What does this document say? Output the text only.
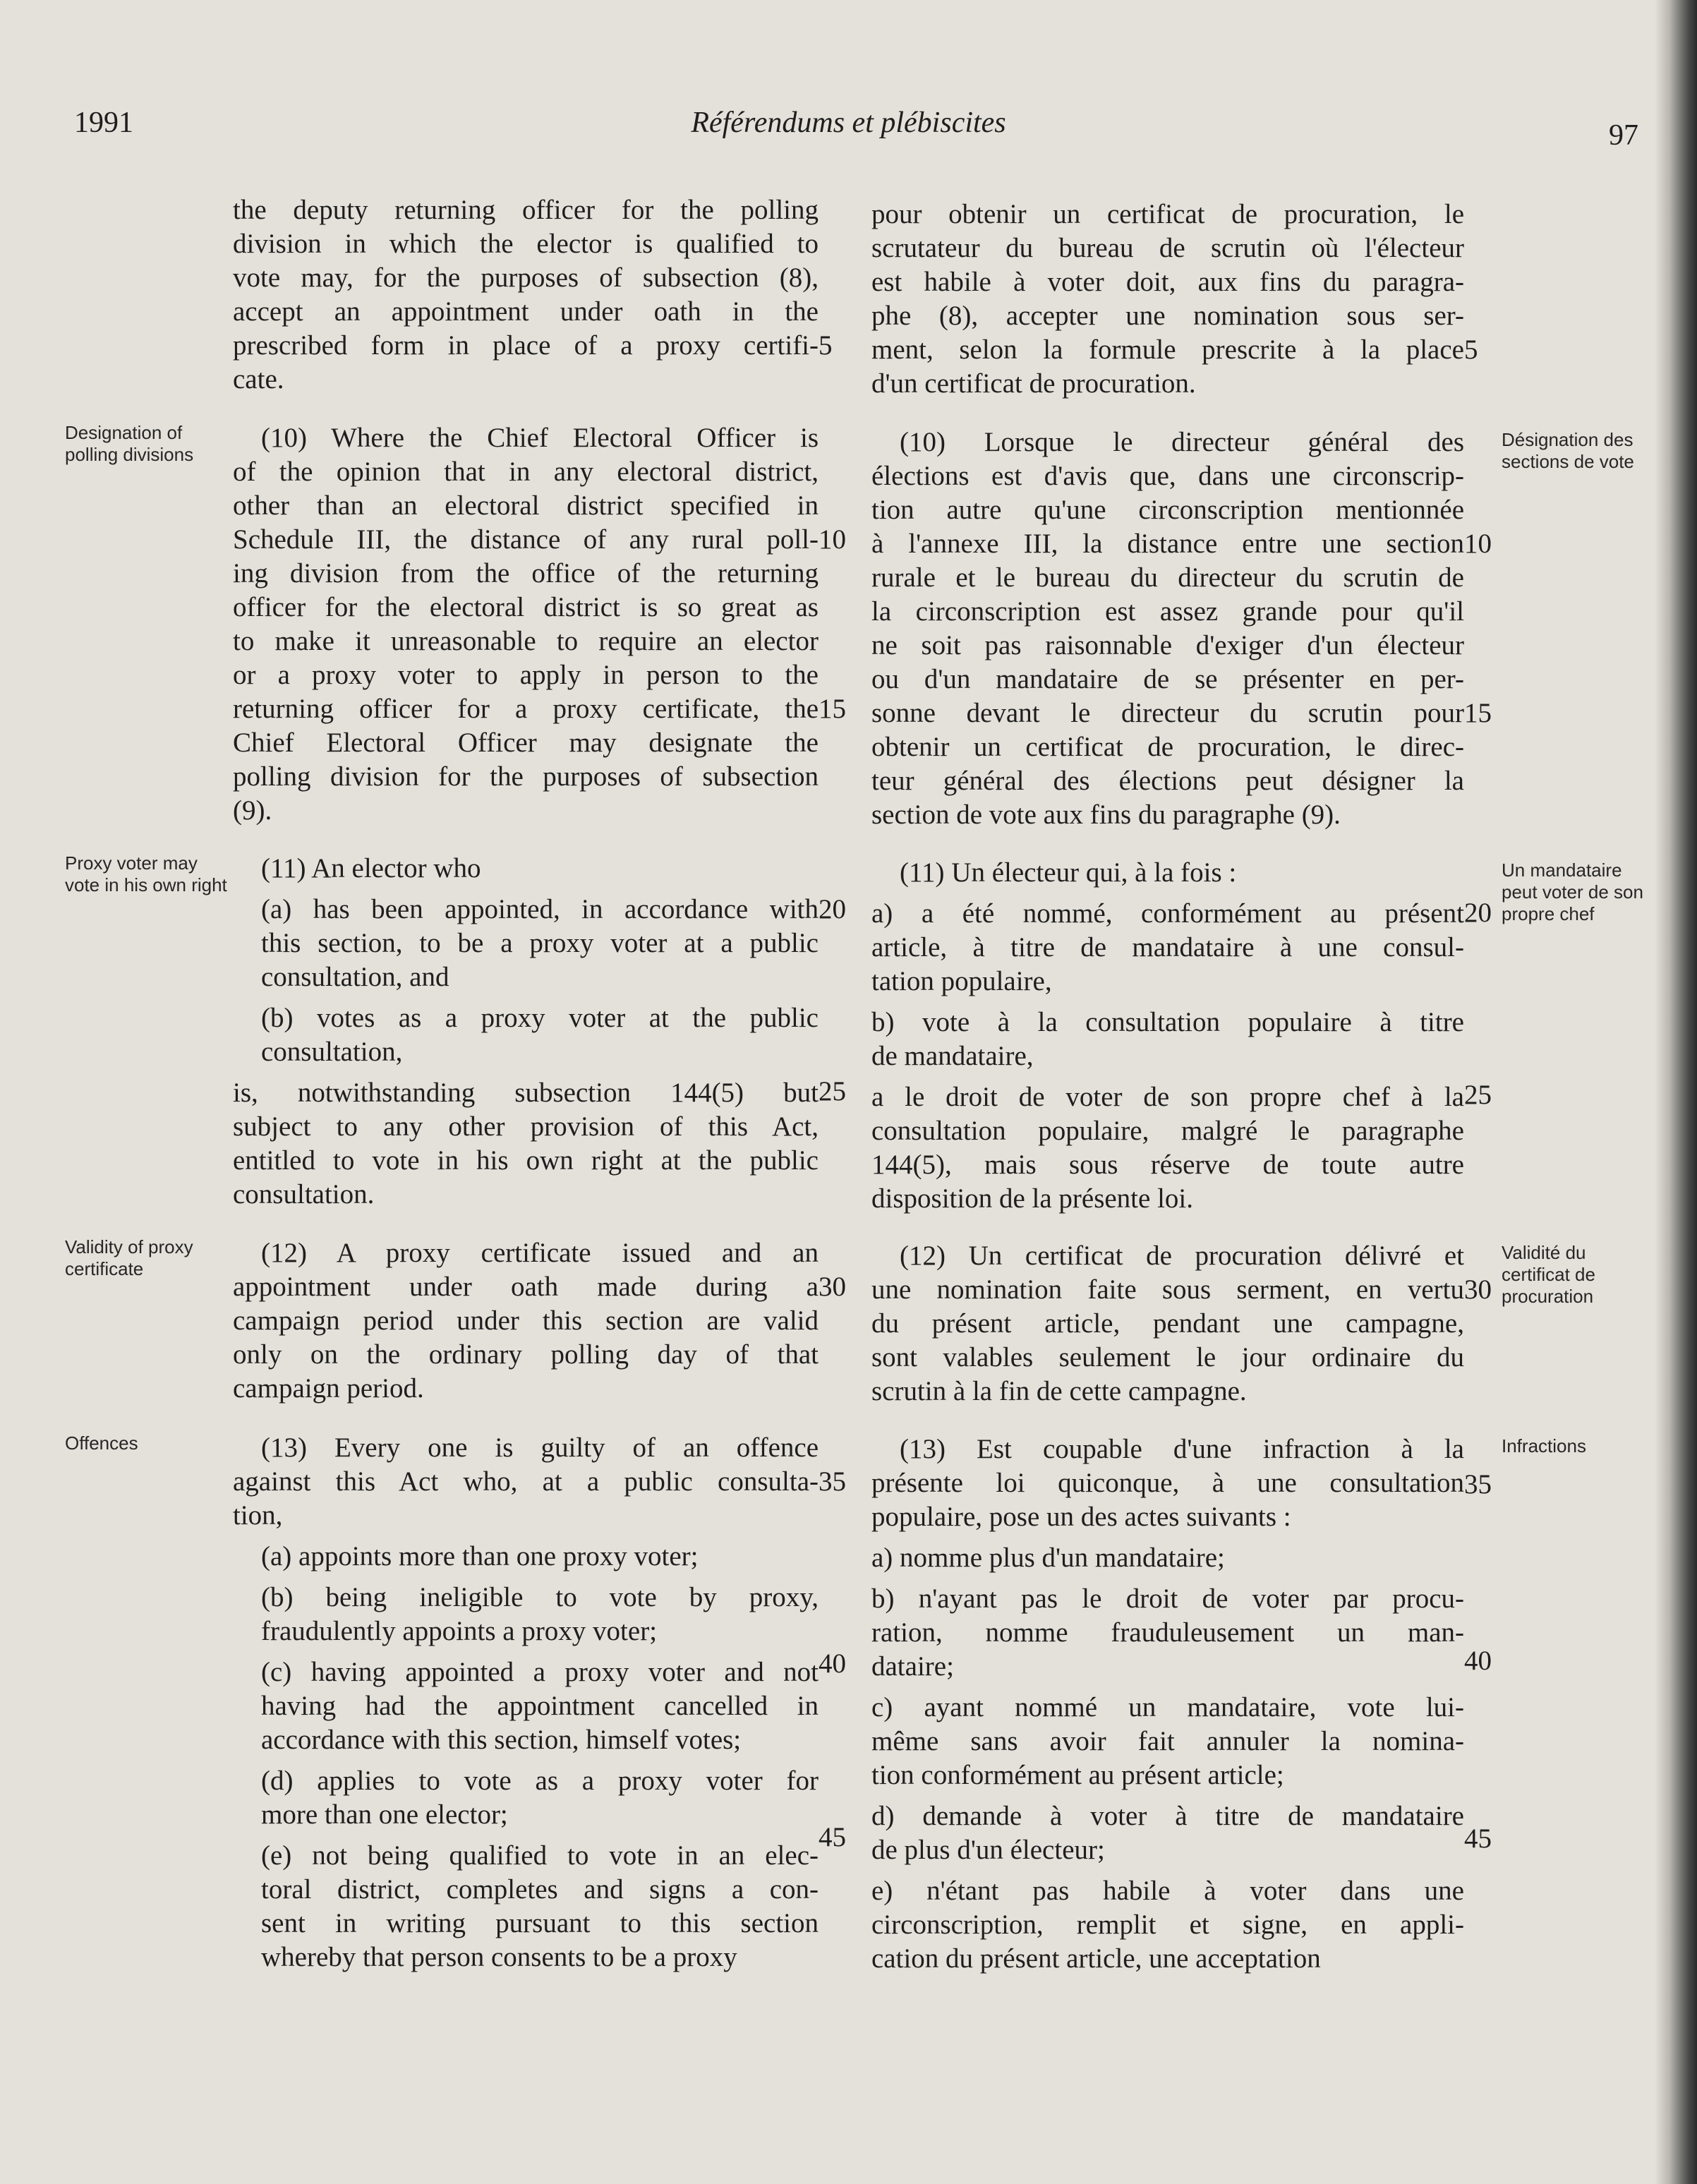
1991	Référendums et plébiscites	97
Designation of polling divisions
Proxy voter may vote in his own right
Validity of proxy certificate
Offences
Désignation des sections de vote
Un mandataire peut voter de son propre chef
Validité du certificat de procuration
Infractions
the deputy returning officer for the polling
division in which the elector is qualified to
vote may, for the purposes of subsection (8),
accept an appointment under oath in the
prescribed form in place of a proxy certifi-
cate.
(10) Where the Chief Electoral Officer is
of the opinion that in any electoral district,
other than an electoral district specified in
Schedule III, the distance of any rural poll-
ing division from the office of the returning
officer for the electoral district is so great as
to make it unreasonable to require an elector
or a proxy voter to apply in person to the
returning officer for a proxy certificate, the
Chief Electoral Officer may designate the
polling division for the purposes of subsection
(9).
(11) An elector who
(a) has been appointed, in accordance with
this section, to be a proxy voter at a public
consultation, and
(b) votes as a proxy voter at the public
consultation,
is, notwithstanding subsection 144(5) but
subject to any other provision of this Act,
entitled to vote in his own right at the public
consultation.
(12) A proxy certificate issued and an
appointment under oath made during a
campaign period under this section are valid
only on the ordinary polling day of that
campaign period.
(13) Every one is guilty of an offence
against this Act who, at a public consulta-
tion,
(a) appoints more than one proxy voter;
(b) being ineligible to vote by proxy,
fraudulently appoints a proxy voter;
(c) having appointed a proxy voter and not
having had the appointment cancelled in
accordance with this section, himself votes;
(d) applies to vote as a proxy voter for
more than one elector;
(e) not being qualified to vote in an elec-
toral district, completes and signs a con-
sent in writing pursuant to this section
whereby that person consents to be a proxy
pour obtenir un certificat de procuration, le
scrutateur du bureau de scrutin où l'électeur
est habile à voter doit, aux fins du paragra-
phe (8), accepter une nomination sous ser-
ment, selon la formule prescrite à la place
d'un certificat de procuration.
(10) Lorsque le directeur général des
élections est d'avis que, dans une circonscrip-
tion autre qu'une circonscription mentionnée
à l'annexe III, la distance entre une section
rurale et le bureau du directeur du scrutin de
la circonscription est assez grande pour qu'il
ne soit pas raisonnable d'exiger d'un électeur
ou d'un mandataire de se présenter en per-
sonne devant le directeur du scrutin pour
obtenir un certificat de procuration, le direc-
teur général des élections peut désigner la
section de vote aux fins du paragraphe (9).
(11) Un électeur qui, à la fois :
a) a été nommé, conformément au présent
article, à titre de mandataire à une consul-
tation populaire,
b) vote à la consultation populaire à titre
de mandataire,
a le droit de voter de son propre chef à la
consultation populaire, malgré le paragraphe
144(5), mais sous réserve de toute autre
disposition de la présente loi.
(12) Un certificat de procuration délivré et
une nomination faite sous serment, en vertu
du présent article, pendant une campagne,
sont valables seulement le jour ordinaire du
scrutin à la fin de cette campagne.
(13) Est coupable d'une infraction à la
présente loi quiconque, à une consultation
populaire, pose un des actes suivants :
a) nomme plus d'un mandataire;
b) n'ayant pas le droit de voter par procu-
ration, nomme frauduleusement un man-
dataire;
c) ayant nommé un mandataire, vote lui-
même sans avoir fait annuler la nomina-
tion conformément au présent article;
d) demande à voter à titre de mandataire
de plus d'un électeur;
e) n'étant pas habile à voter dans une
circonscription, remplit et signe, en appli-
cation du présent article, une acceptation
5
10
15
20
25
30
35
40
45
5
10
15
20
25
30
35
40
45
